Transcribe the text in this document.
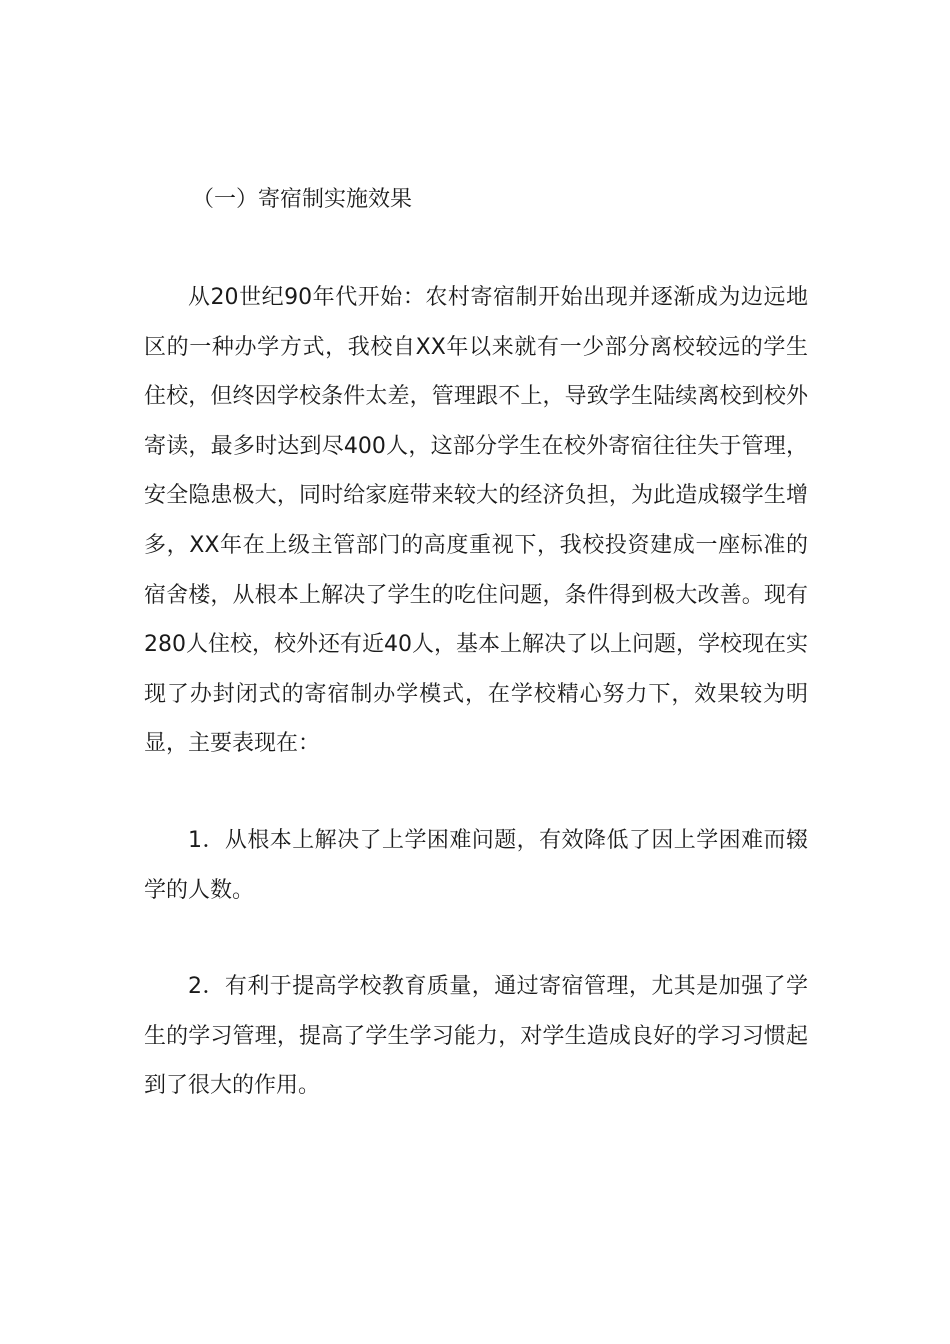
（一）寄宿制实施效果

从20世纪90年代开始：农村寄宿制开始出现并逐渐成为边远地区的一种办学方式，我校自XX年以来就有一少部分离校较远的学生住校，但终因学校条件太差，管理跟不上，导致学生陆续离校到校外寄读，最多时达到尽400人，这部分学生在校外寄宿往往失于管理，安全隐患极大，同时给家庭带来较大的经济负担，为此造成辍学生增多，XX年在上级主管部门的高度重视下，我校投资建成一座标准的宿舍楼，从根本上解决了学生的吃住问题，条件得到极大改善。现有280人住校，校外还有近40人，基本上解决了以上问题，学校现在实现了办封闭式的寄宿制办学模式，在学校精心努力下，效果较为明显，主要表现在：

1．从根本上解决了上学困难问题，有效降低了因上学困难而辍学的人数。

2．有利于提高学校教育质量，通过寄宿管理，尤其是加强了学生的学习管理，提高了学生学习能力，对学生造成良好的学习习惯起到了很大的作用。
